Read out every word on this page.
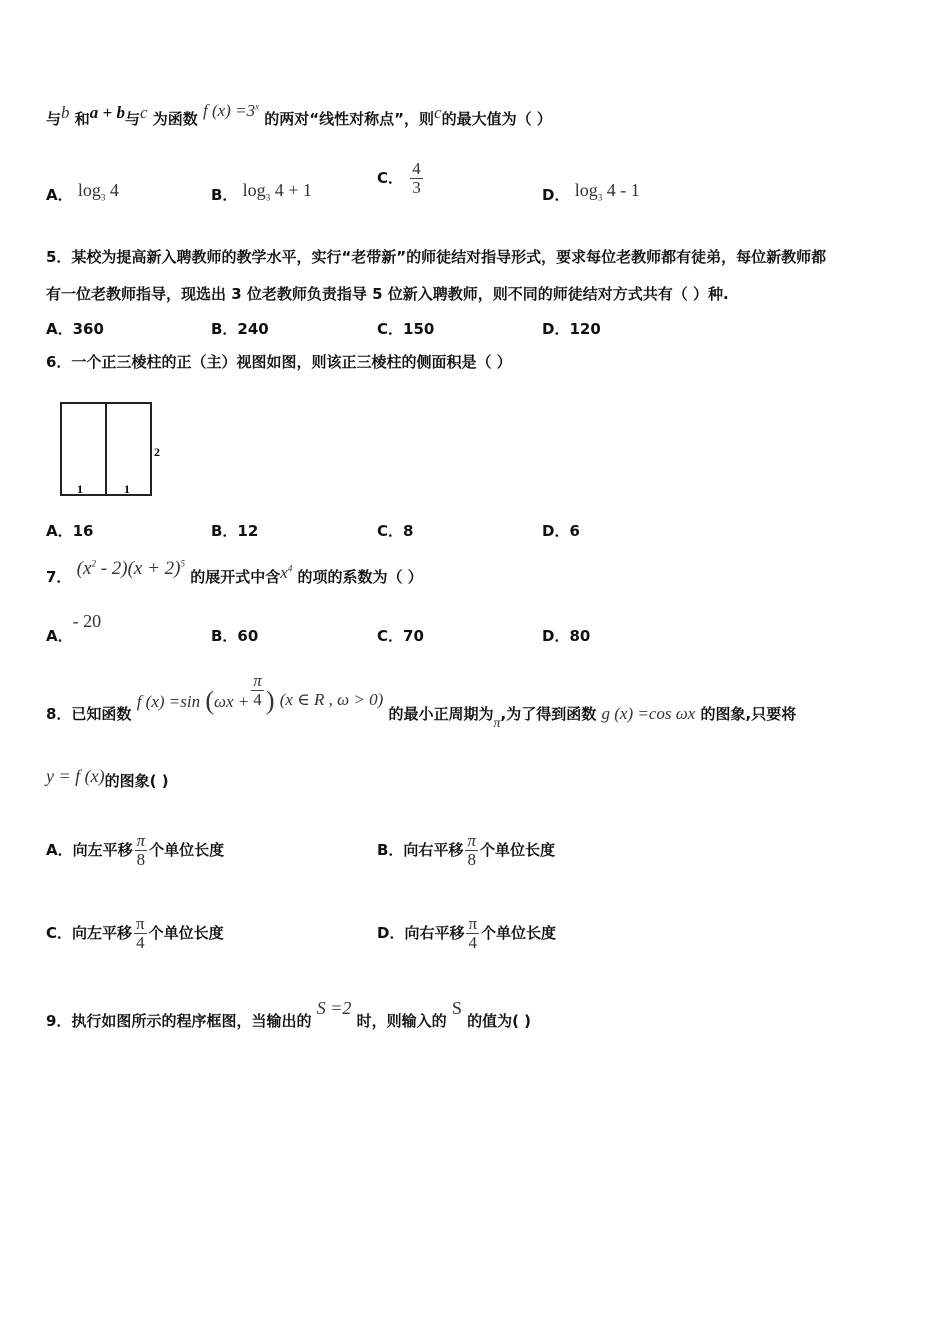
与b 和a + b与c 为函数 f $(x) =3^x$ 的两对“线性对称点”，则c的最大值为（ ）
A． $\log_3 4$	B． $\log_3 4 + 1$
C． $\frac{4}{3}$	D． $\log_3 4 - 1$
5．某校为提高新入聘教师的教学水平，实行“老带新”的师徒结对指导形式，要求每位老教师都有徒弟，每位新教师都
有一位老教师指导，现选出 3 位老教师负责指导 5 位新入聘教师，则不同的师徒结对方式共有（ ）种.
A．360	B．240	C．150	D．120
6．一个正三棱柱的正（主）视图如图，则该正三棱柱的侧面积是（ ）
2
1	1
A．16	B．12	C．8	D．6
7． $(x^2 - 2)(x + 2)^5$ 的展开式中含$x^4$ 的项的系数为（ ）
A．- 20
B．60	C．70	D．80
8．已知函数 f (x) =sin ($\omega x + \frac{\pi}{4}$ ) (x ∈ R , ω > 0) 的最小正周期为π,为了得到函数 g (x) =cos ωx 的图象,只要将
y = f (x)的图象( )
A．向左平移 $\frac{\pi}{8}$ 个单位长度	B．向右平移 $\frac{\pi}{8}$ 个单位长度
C．向左平移 $\frac{\pi}{4}$ 个单位长度	D．向右平移 $\frac{\pi}{4}$ 个单位长度
9．执行如图所示的程序框图，当输出的 S =2 时，则输入的 S 的值为( )
